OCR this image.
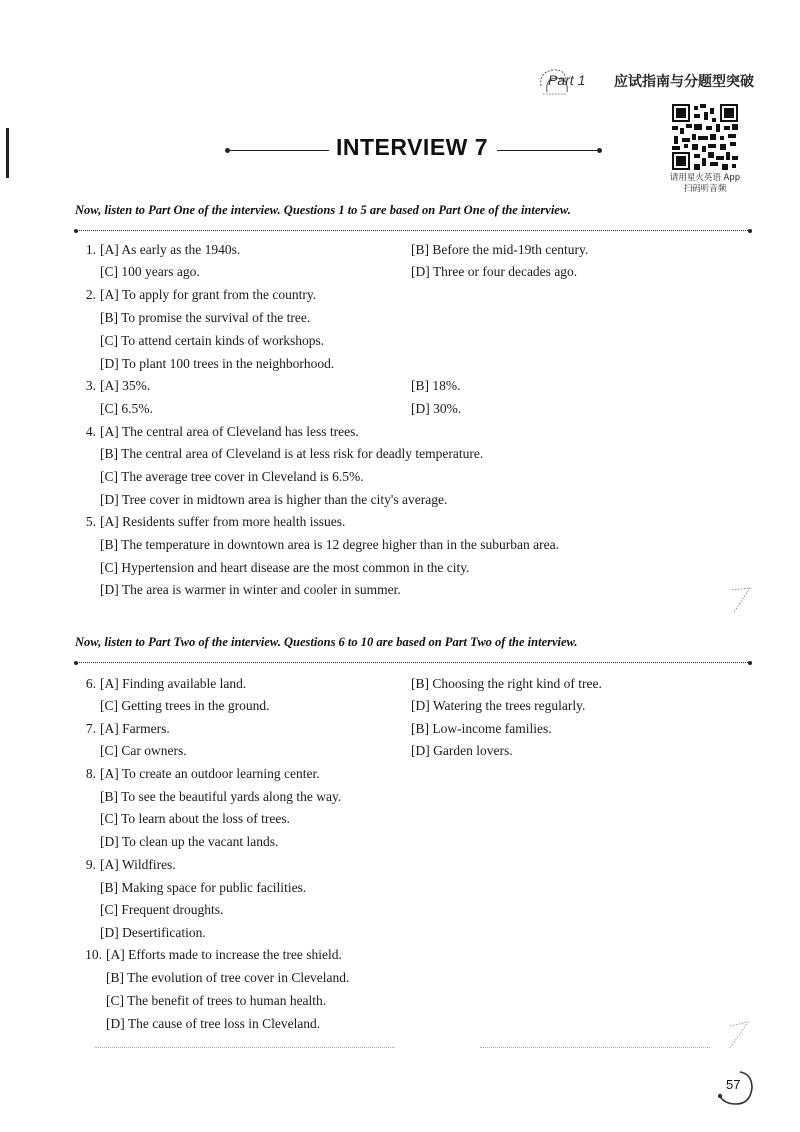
Part 1 应试指南与分题型突破
请用星火英语 App
扫码听音频
INTERVIEW 7
Now, listen to Part One of the interview. Questions 1 to 5 are based on Part One of the interview.
1. [A] As early as the 1940s.	[B] Before the mid-19th century.
[C] 100 years ago.	[D] Three or four decades ago.
2. [A] To apply for grant from the country.
[B] To promise the survival of the tree.
[C] To attend certain kinds of workshops.
[D] To plant 100 trees in the neighborhood.
3. [A] 35%.	[B] 18%.
[C] 6.5%.	[D] 30%.
4. [A] The central area of Cleveland has less trees.
[B] The central area of Cleveland is at less risk for deadly temperature.
[C] The average tree cover in Cleveland is 6.5%.
[D] Tree cover in midtown area is higher than the city's average.
5. [A] Residents suffer from more health issues.
[B] The temperature in downtown area is 12 degree higher than in the suburban area.
[C] Hypertension and heart disease are the most common in the city.
[D] The area is warmer in winter and cooler in summer.
Now, listen to Part Two of the interview. Questions 6 to 10 are based on Part Two of the interview.
6. [A] Finding available land.	[B] Choosing the right kind of tree.
[C] Getting trees in the ground.	[D] Watering the trees regularly.
7. [A] Farmers.	[B] Low-income families.
[C] Car owners.	[D] Garden lovers.
8. [A] To create an outdoor learning center.
[B] To see the beautiful yards along the way.
[C] To learn about the loss of trees.
[D] To clean up the vacant lands.
9. [A] Wildfires.
[B] Making space for public facilities.
[C] Frequent droughts.
[D] Desertification.
10. [A] Efforts made to increase the tree shield.
[B] The evolution of tree cover in Cleveland.
[C] The benefit of trees to human health.
[D] The cause of tree loss in Cleveland.
57
